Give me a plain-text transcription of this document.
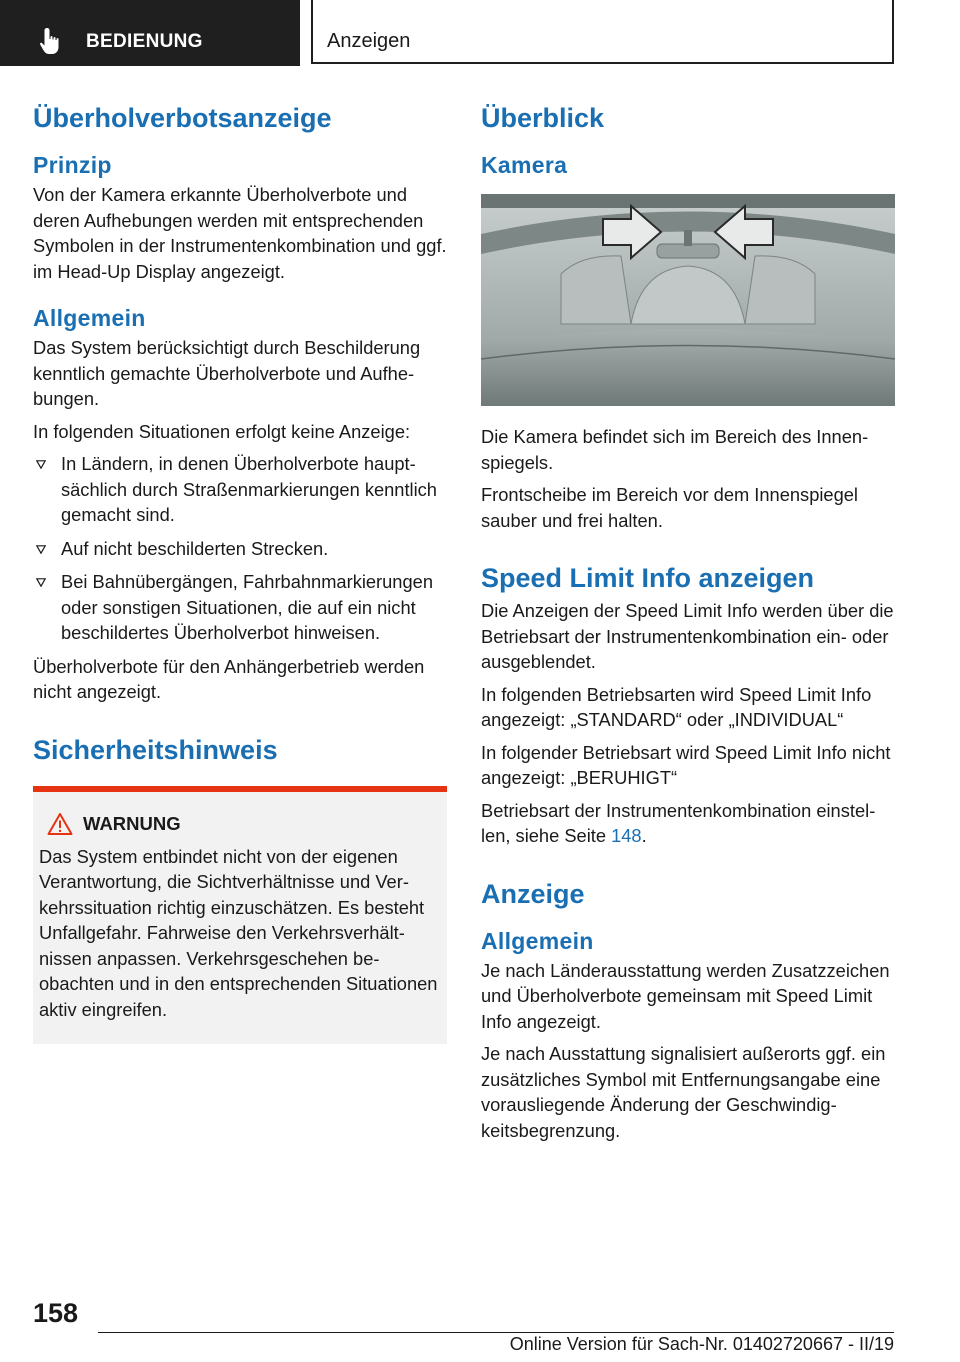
BEDIENUNG	Anzeigen
Überholverbotsanzeige
Prinzip

Von der Kamera erkannte Überholverbote und deren Aufhebungen werden mit entsprechenden Symbolen in der Instrumentenkombination und ggf. im Head-Up Display angezeigt.

Allgemein

Das System berücksichtigt durch Beschilderung kenntlich gemachte Überholverbote und Aufhebungen.

In folgenden Situationen erfolgt keine Anzeige:

In Ländern, in denen Überholverbote hauptsächlich durch Straßenmarkierungen kenntlich gemacht sind.
Auf nicht beschilderten Strecken.
Bei Bahnübergängen, Fahrbahnmarkierungen oder sonstigen Situationen, die auf ein nicht beschildertes Überholverbot hinweisen.

Überholverbote für den Anhängerbetrieb werden nicht angezeigt.

Sicherheitshinweis
WARNUNG

Das System entbindet nicht von der eigenen Verantwortung, die Sichtverhältnisse und Verkehrssituation richtig einzuschätzen. Es besteht Unfallgefahr. Fahrweise den Verkehrsverhältnissen anpassen. Verkehrsgeschehen beobachten und in den entsprechenden Situationen aktiv eingreifen.

Überblick
Kamera

Die Kamera befindet sich im Bereich des Innenspiegels.

Frontscheibe im Bereich vor dem Innenspiegel sauber und frei halten.

Speed Limit Info anzeigen

Die Anzeigen der Speed Limit Info werden über die Betriebsart der Instrumentenkombination ein- oder ausgeblendet.

In folgenden Betriebsarten wird Speed Limit Info angezeigt: „STANDARD“ oder „INDIVIDUAL“

In folgender Betriebsart wird Speed Limit Info nicht angezeigt: „BERUHIGT“

Betriebsart der Instrumentenkombination einstellen, siehe Seite 148.

Anzeige
Allgemein

Je nach Länderausstattung werden Zusatzzeichen und Überholverbote gemeinsam mit Speed Limit Info angezeigt.

Je nach Ausstattung signalisiert außerorts ggf. ein zusätzliches Symbol mit Entfernungsangabe eine vorausliegende Änderung der Geschwindigkeitsbegrenzung.

158
Online Version für Sach-Nr. 01402720667 - II/19
